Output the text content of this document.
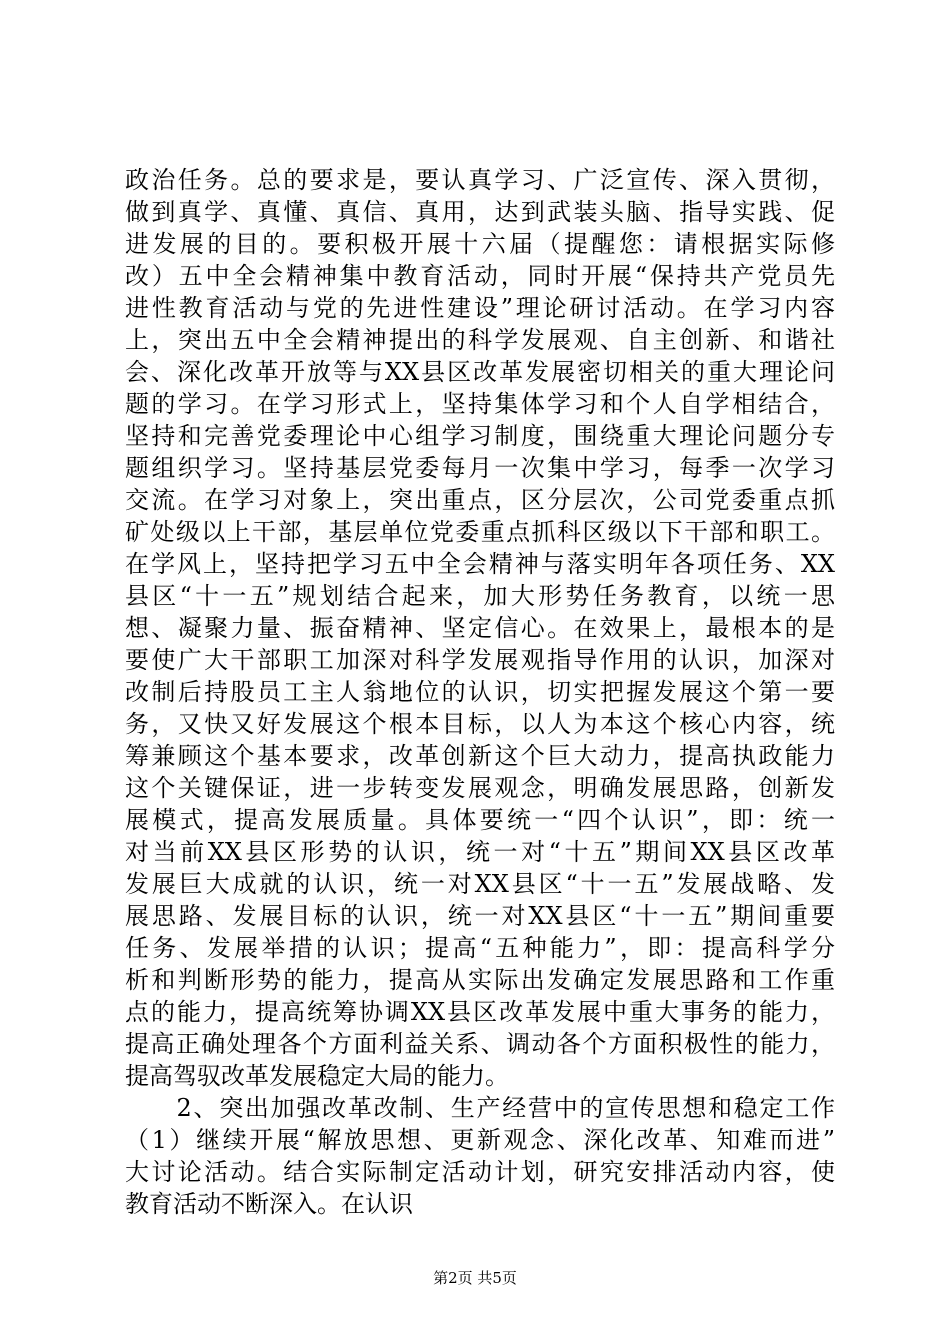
政治任务。总的要求是，要认真学习、广泛宣传、深入贯彻，
做到真学、真懂、真信、真用，达到武装头脑、指导实践、促
进发展的目的。要积极开展十六届（提醒您：请根据实际修
改）五中全会精神集中教育活动，同时开展“保持共产党员先
进性教育活动与党的先进性建设”理论研讨活动。在学习内容
上，突出五中全会精神提出的科学发展观、自主创新、和谐社
会、深化改革开放等与XX县区改革发展密切相关的重大理论问
题的学习。在学习形式上，坚持集体学习和个人自学相结合，
坚持和完善党委理论中心组学习制度，围绕重大理论问题分专
题组织学习。坚持基层党委每月一次集中学习，每季一次学习
交流。在学习对象上，突出重点，区分层次，公司党委重点抓
矿处级以上干部，基层单位党委重点抓科区级以下干部和职工。
在学风上，坚持把学习五中全会精神与落实明年各项任务、XX
县区“十一五”规划结合起来，加大形势任务教育，以统一思
想、凝聚力量、振奋精神、坚定信心。在效果上，最根本的是
要使广大干部职工加深对科学发展观指导作用的认识，加深对
改制后持股员工主人翁地位的认识，切实把握发展这个第一要
务，又快又好发展这个根本目标，以人为本这个核心内容，统
筹兼顾这个基本要求，改革创新这个巨大动力，提高执政能力
这个关键保证，进一步转变发展观念，明确发展思路，创新发
展模式，提高发展质量。具体要统一“四个认识”，即：统一
对当前XX县区形势的认识，统一对“十五”期间XX县区改革
发展巨大成就的认识，统一对XX县区“十一五”发展战略、发
展思路、发展目标的认识，统一对XX县区“十一五”期间重要
任务、发展举措的认识；提高“五种能力”，即：提高科学分
析和判断形势的能力，提高从实际出发确定发展思路和工作重
点的能力，提高统筹协调XX县区改革发展中重大事务的能力，
提高正确处理各个方面利益关系、调动各个方面积极性的能力，
提高驾驭改革发展稳定大局的能力。
　　2、突出加强改革改制、生产经营中的宣传思想和稳定工作
（1）继续开展“解放思想、更新观念、深化改革、知难而进”
大讨论活动。结合实际制定活动计划，研究安排活动内容，使
教育活动不断深入。在认识
第2页 共5页
